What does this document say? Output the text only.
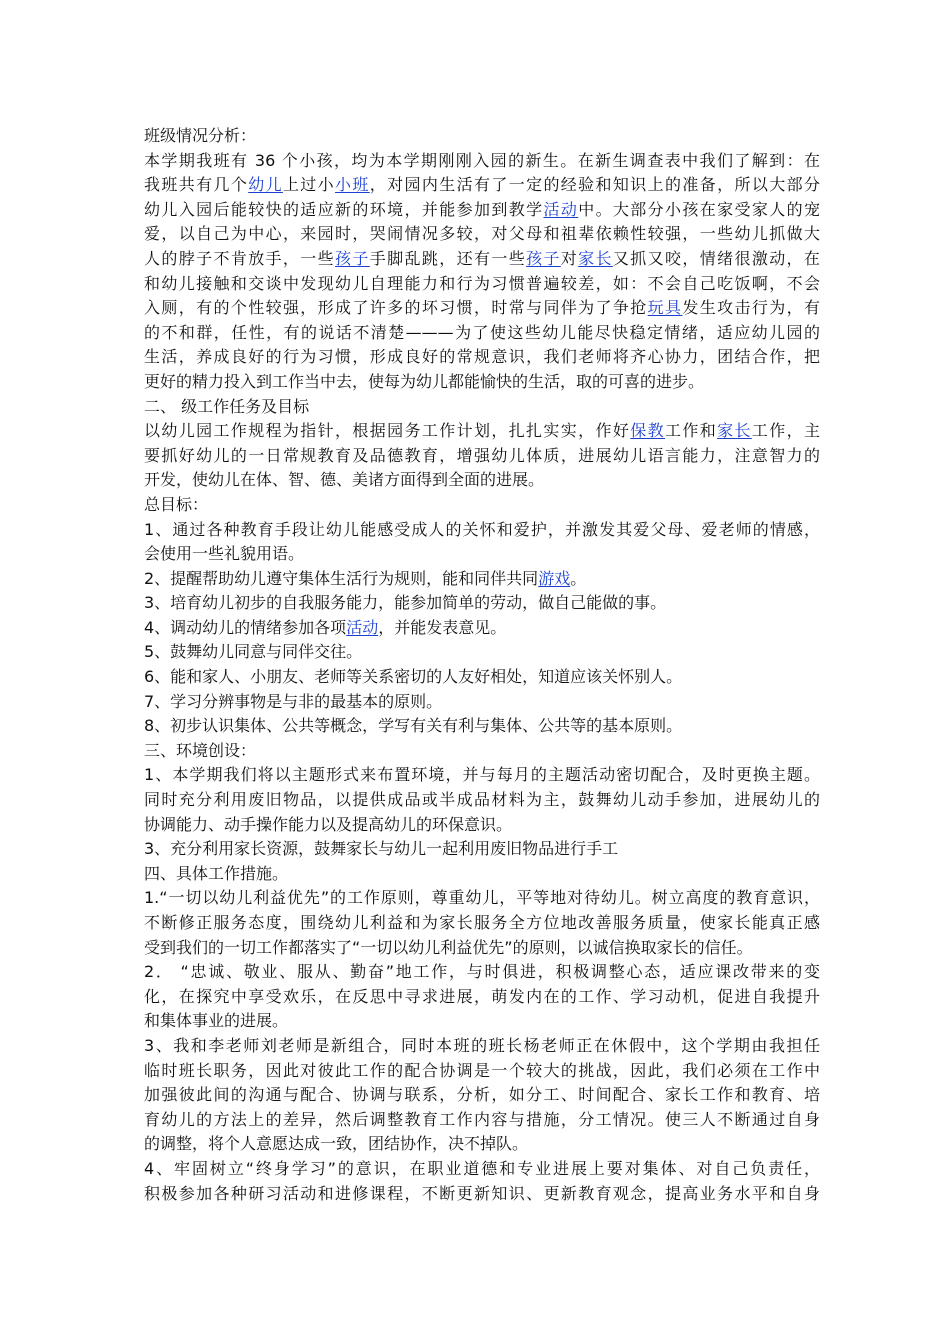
班级情况分析：
本学期我班有 36 个小孩，均为本学期刚刚入园的新生。在新生调查表中我们了解到：在
我班共有几个幼儿上过小小班，对园内生活有了一定的经验和知识上的准备，所以大部分
幼儿入园后能较快的适应新的环境，并能参加到教学活动中。大部分小孩在家受家人的宠
爱，以自己为中心，来园时，哭闹情况多较，对父母和祖辈依赖性较强，一些幼儿抓做大
人的脖子不肯放手，一些孩子手脚乱跳，还有一些孩子对家长又抓又咬，情绪很激动，在
和幼儿接触和交谈中发现幼儿自理能力和行为习惯普遍较差，如：不会自己吃饭啊，不会
入厕，有的个性较强，形成了许多的坏习惯，时常与同伴为了争抢玩具发生攻击行为，有
的不和群，任性，有的说话不清楚———为了使这些幼儿能尽快稳定情绪，适应幼儿园的
生活，养成良好的行为习惯，形成良好的常规意识，我们老师将齐心协力，团结合作，把
更好的精力投入到工作当中去，使每为幼儿都能愉快的生活，取的可喜的进步。
二、 级工作任务及目标
以幼儿园工作规程为指针，根据园务工作计划，扎扎实实，作好保教工作和家长工作，主
要抓好幼儿的一日常规教育及品德教育，增强幼儿体质，进展幼儿语言能力，注意智力的
开发，使幼儿在体、智、德、美诸方面得到全面的进展。
总目标：
1、通过各种教育手段让幼儿能感受成人的关怀和爱护，并激发其爱父母、爱老师的情感，
会使用一些礼貌用语。
2、提醒帮助幼儿遵守集体生活行为规则，能和同伴共同游戏。
3、培育幼儿初步的自我服务能力，能参加简单的劳动，做自己能做的事。
4、调动幼儿的情绪参加各项活动，并能发表意见。
5、鼓舞幼儿同意与同伴交往。
6、能和家人、小朋友、老师等关系密切的人友好相处，知道应该关怀别人。
7、学习分辨事物是与非的最基本的原则。
8、初步认识集体、公共等概念，学写有关有利与集体、公共等的基本原则。
三、环境创设：
1、本学期我们将以主题形式来布置环境，并与每月的主题活动密切配合，及时更换主题。
同时充分利用废旧物品，以提供成品或半成品材料为主，鼓舞幼儿动手参加，进展幼儿的
协调能力、动手操作能力以及提高幼儿的环保意识。
3、充分利用家长资源，鼓舞家长与幼儿一起利用废旧物品进行手工
四、具体工作措施。
1.“一切以幼儿利益优先”的工作原则，尊重幼儿，平等地对待幼儿。树立高度的教育意识，
不断修正服务态度，围绕幼儿利益和为家长服务全方位地改善服务质量，使家长能真正感
受到我们的一切工作都落实了“一切以幼儿利益优先”的原则，以诚信换取家长的信任。
2． “忠诚、敬业、服从、勤奋”地工作，与时俱进，积极调整心态，适应课改带来的变
化，在探究中享受欢乐，在反思中寻求进展，萌发内在的工作、学习动机，促进自我提升
和集体事业的进展。
3、我和李老师刘老师是新组合，同时本班的班长杨老师正在休假中，这个学期由我担任
临时班长职务，因此对彼此工作的配合协调是一个较大的挑战，因此，我们必须在工作中
加强彼此间的沟通与配合、协调与联系，分析，如分工、时间配合、家长工作和教育、培
育幼儿的方法上的差异，然后调整教育工作内容与措施，分工情况。使三人不断通过自身
的调整，将个人意愿达成一致，团结协作，决不掉队。
4、牢固树立“终身学习”的意识，在职业道德和专业进展上要对集体、对自己负责任，
积极参加各种研习活动和进修课程，不断更新知识、更新教育观念，提高业务水平和自身
